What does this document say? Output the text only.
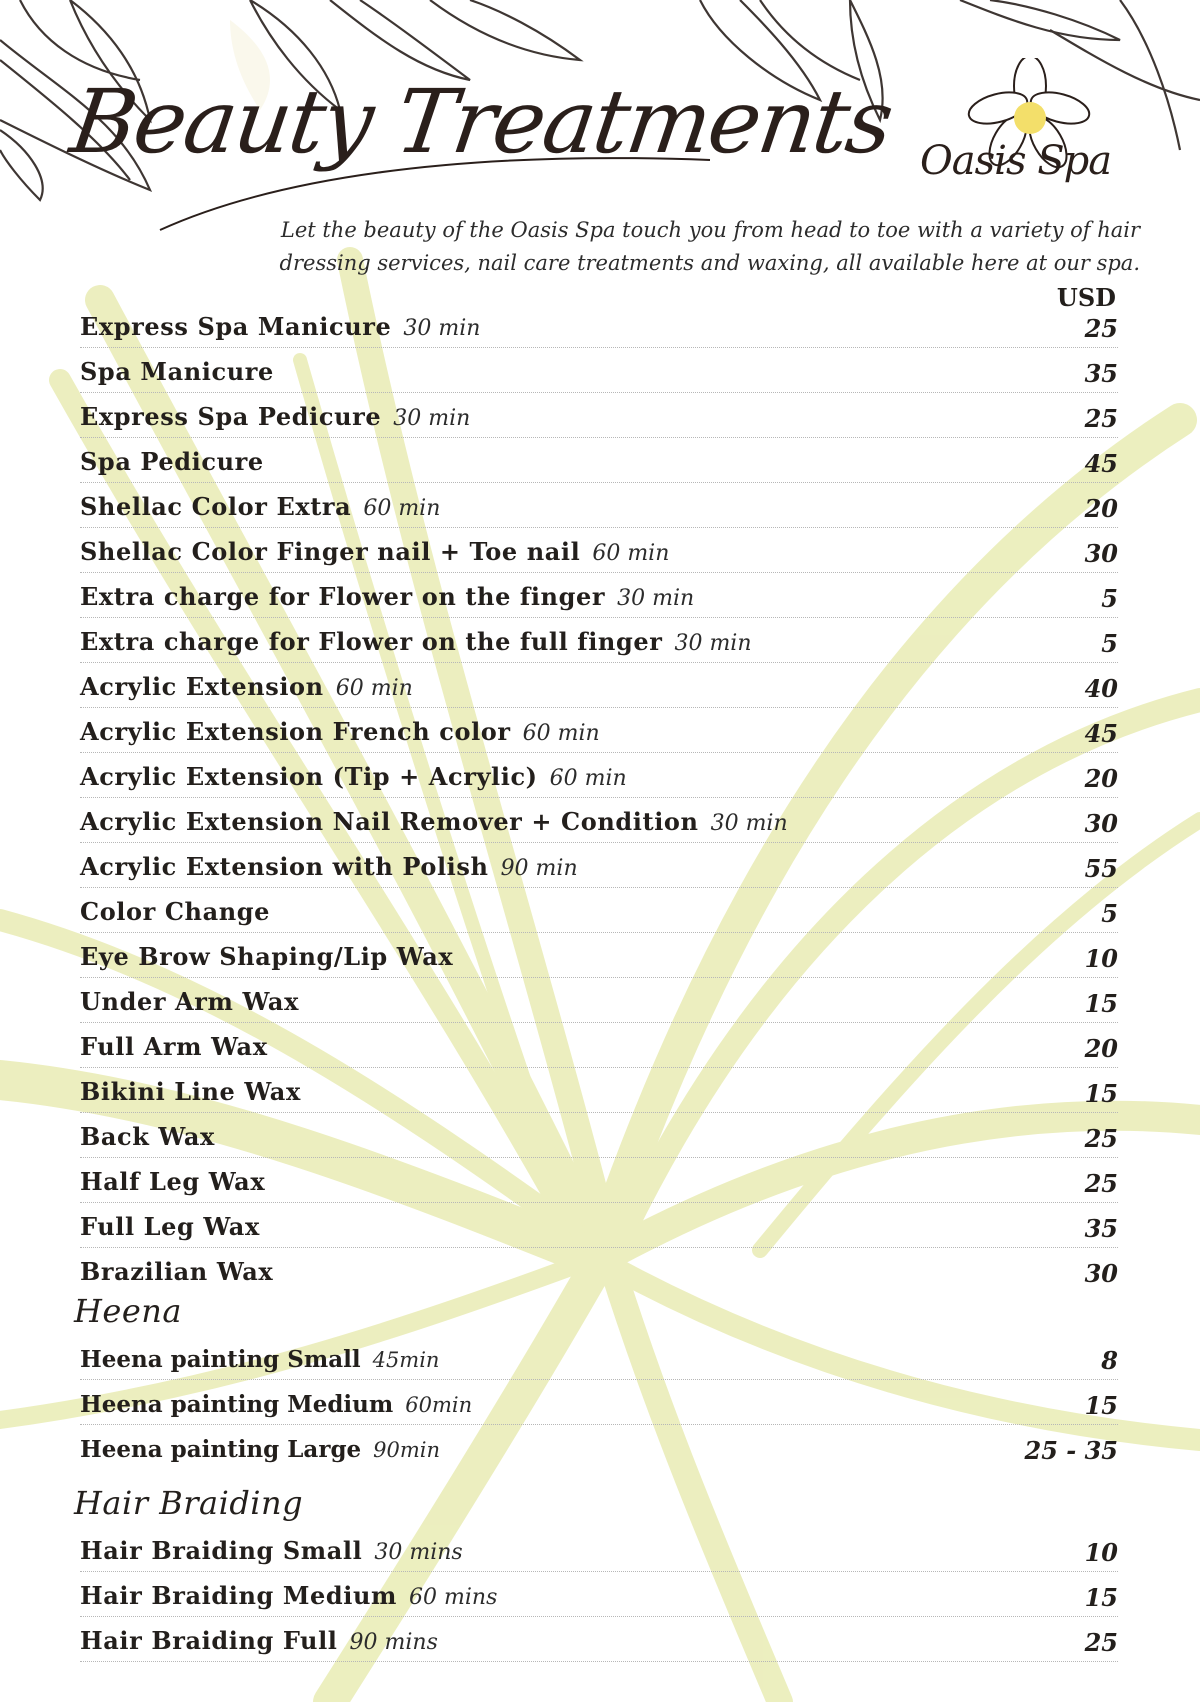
Beauty Treatments Oasis Spa
Let the beauty of the Oasis Spa touch you from head to toe with a variety of hair
dressing services, nail care treatments and waxing, all available here at our spa.
USD
Express Spa Manicure 30 min	25
Spa Manicure	35
Express Spa Pedicure 30 min	25
Spa Pedicure	45
Shellac Color Extra 60 min	20
Shellac Color Finger nail + Toe nail 60 min	30
Extra charge for Flower on the finger 30 min	5
Extra charge for Flower on the full finger 30 min	5
Acrylic Extension 60 min	40
Acrylic Extension French color 60 min	45
Acrylic Extension (Tip + Acrylic) 60 min	20
Acrylic Extension Nail Remover + Condition 30 min	30
Acrylic Extension with Polish 90 min	55
Color Change	5
Eye Brow Shaping/Lip Wax	10
Under Arm Wax	15
Full Arm Wax	20
Bikini Line Wax	15
Back Wax	25
Half Leg Wax	25
Full Leg Wax	35
Brazilian Wax	30
Heena
Heena painting Small 45min	8
Heena painting Medium 60min	15
Heena painting Large 90min	25 - 35
Hair Braiding
Hair Braiding Small 30 mins	10
Hair Braiding Medium 60 mins	15
Hair Braiding Full 90 mins	25
